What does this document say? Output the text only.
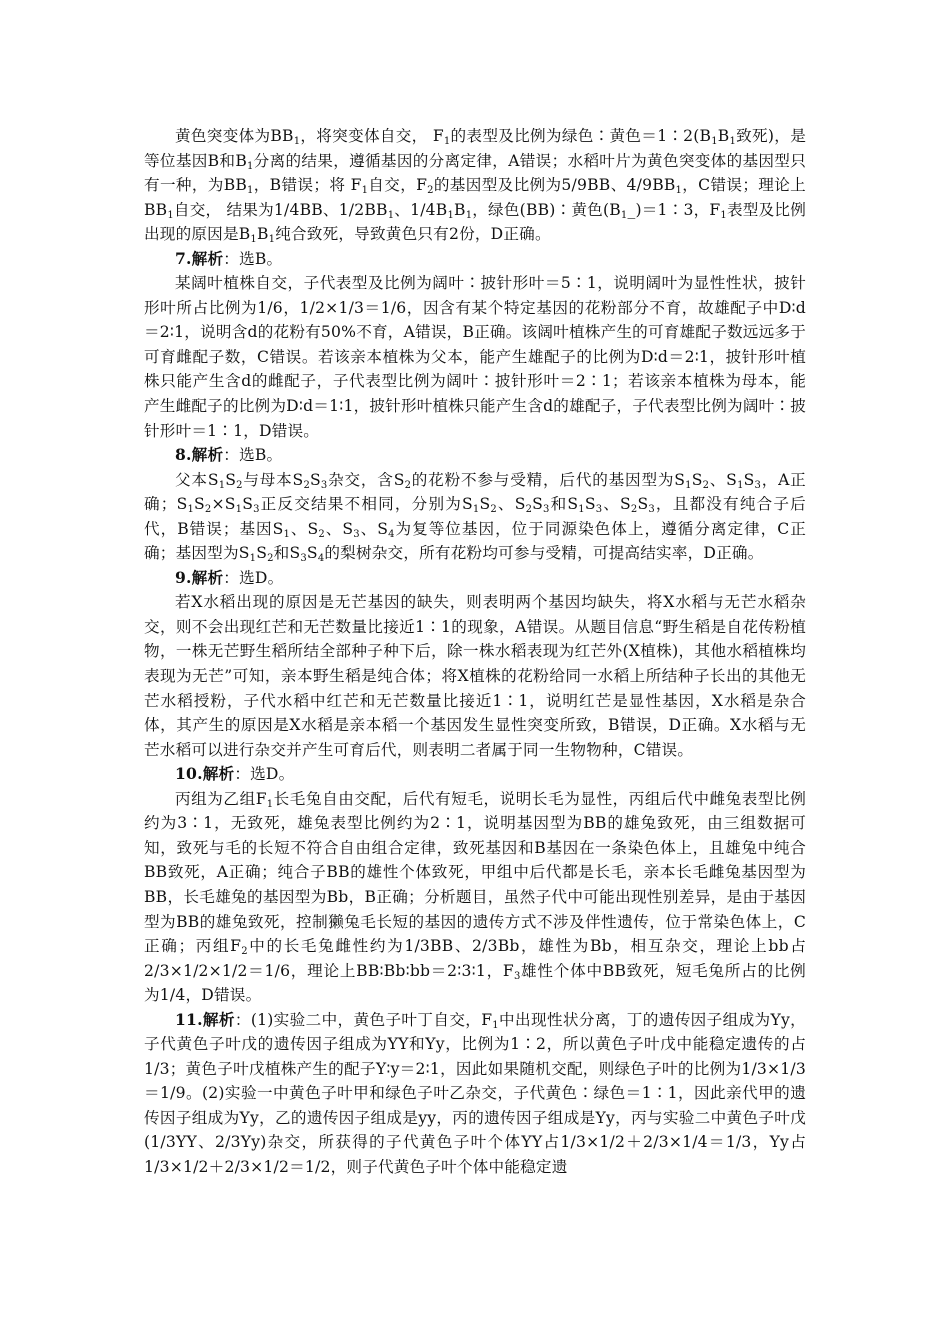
黄色突变体为$BB_1$，将突变体自交， $F_1$的表型及比例为绿色∶黄色$=1∶2(B_1B_1$致死)，是等位基因B和$B_1$分离的结果，遵循基因的分离定律，A错误；水稻叶片为黄色突变体的基因型只有一种，为$BB_1$，B错误；将 $F_1$自交，$F_2$的基因型及比例为5/9BB、$4/9BB_1$，C错误；理论上$BB_1$自交， 结果为1/4BB、$1/2BB_1$、$1/4B_1B_1$，绿色(BB)∶黄色$(B_1\_)=1∶3$，$F_1$表型及比例出现的原因是$B_1B_1$纯合致死，导致黄色只有2份，D正确。

7.解析：选B。

某阔叶植株自交，子代表型及比例为阔叶∶披针形叶＝5∶1，说明阔叶为显性性状，披针形叶所占比例为1/6，1/2×1/3＝1/6，因含有某个特定基因的花粉部分不育，故雄配子中D∶d＝2∶1，说明含d的花粉有50%不育，A错误，B正确。该阔叶植株产生的可育雄配子数远远多于可育雌配子数，C错误。若该亲本植株为父本，能产生雄配子的比例为D∶d＝2∶1，披针形叶植株只能产生含d的雌配子，子代表型比例为阔叶∶披针形叶＝2∶1；若该亲本植株为母本，能产生雌配子的比例为D∶d＝1∶1，披针形叶植株只能产生含d的雄配子，子代表型比例为阔叶∶披针形叶＝1∶1，D错误。

8.解析：选B。

父本$S_1S_2$与母本$S_2S_3$杂交，含$S_2$的花粉不参与受精，后代的基因型为$S_1S_2$、$S_1S_3$，A正确；$S_1S_2\times S_1S_3$正反交结果不相同，分别为$S_1S_2$、$S_2S_3$和$S_1S_3$、$S_2S_3$，且都没有纯合子后代，B错误；基因$S_1$、$S_2$、$S_3$、$S_4$为复等位基因，位于同源染色体上，遵循分离定律，C正确；基因型为$S_1S_2$和$S_3S_4$的梨树杂交，所有花粉均可参与受精，可提高结实率，D正确。

9.解析：选D。

若X水稻出现的原因是无芒基因的缺失，则表明两个基因均缺失，将X水稻与无芒水稻杂交，则不会出现红芒和无芒数量比接近1∶1的现象，A错误。从题目信息“野生稻是自花传粉植物，一株无芒野生稻所结全部种子种下后，除一株水稻表现为红芒外(X植株)，其他水稻植株均表现为无芒”可知，亲本野生稻是纯合体；将X植株的花粉给同一水稻上所结种子长出的其他无芒水稻授粉，子代水稻中红芒和无芒数量比接近1∶1，说明红芒是显性基因，X水稻是杂合体，其产生的原因是X水稻是亲本稻一个基因发生显性突变所致，B错误，D正确。X水稻与无芒水稻可以进行杂交并产生可育后代，则表明二者属于同一生物物种，C错误。

10.解析：选D。

丙组为乙组$F_1$长毛兔自由交配，后代有短毛，说明长毛为显性，丙组后代中雌兔表型比例约为3∶1，无致死，雄兔表型比例约为2∶1，说明基因型为BB的雄兔致死，由三组数据可知，致死与毛的长短不符合自由组合定律，致死基因和B基因在一条染色体上，且雄兔中纯合BB致死，A正确；纯合子BB的雄性个体致死，甲组中后代都是长毛，亲本长毛雌兔基因型为BB，长毛雄兔的基因型为Bb，B正确；分析题目，虽然子代中可能出现性别差异，是由于基因型为BB的雄兔致死，控制獭兔毛长短的基因的遗传方式不涉及伴性遗传，位于常染色体上，C正确；丙组$F_2$中的长毛兔雌性约为1/3BB、2/3Bb，雄性为Bb，相互杂交，理论上bb占2/3×1/2×1/2＝1/6，理论上BB∶Bb∶bb＝2∶3∶1，$F_3$雄性个体中BB致死，短毛兔所占的比例为1/4，D错误。

11.解析：(1)实验二中，黄色子叶丁自交，$F_1$中出现性状分离，丁的遗传因子组成为Yy，子代黄色子叶戊的遗传因子组成为YY和Yy，比例为1∶2，所以黄色子叶戊中能稳定遗传的占1/3；黄色子叶戊植株产生的配子Y∶y＝2∶1，因此如果随机交配，则绿色子叶的比例为1/3×1/3＝1/9。(2)实验一中黄色子叶甲和绿色子叶乙杂交，子代黄色∶绿色＝1∶1，因此亲代甲的遗传因子组成为Yy，乙的遗传因子组成是yy，丙的遗传因子组成是Yy，丙与实验二中黄色子叶戊(1/3YY、2/3Yy)杂交，所获得的子代黄色子叶个体YY占1/3×1/2＋2/3×1/4＝1/3，Yy占1/3×1/2＋2/3×1/2＝1/2，则子代黄色子叶个体中能稳定遗
